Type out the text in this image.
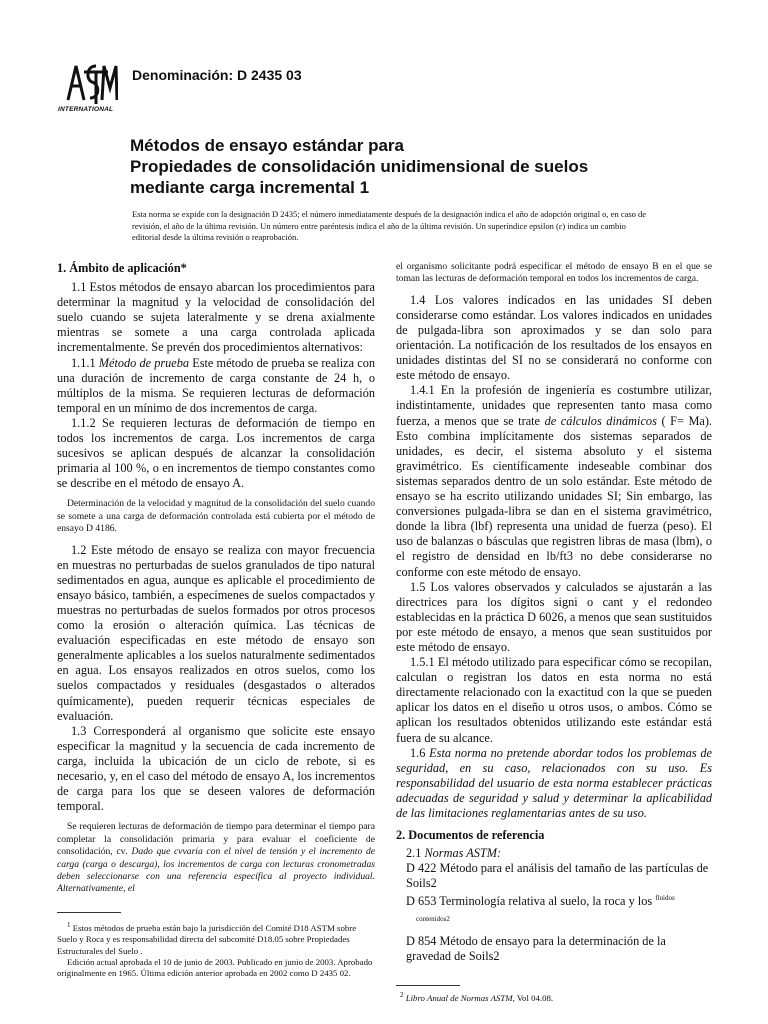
INTERNATIONAL
Denominación: D 2435 03
Métodos de ensayo estándar para
Propiedades de consolidación unidimensional de suelos
mediante carga incremental 1
Esta norma se expide con la designación D 2435; el número inmediatamente después de la designación indica el año de adopción original o, en caso de revisión, el año de la última revisión. Un número entre paréntesis indica el año de la última revisión. Un superíndice epsilon (ε) indica un cambio editorial desde la última revisión o reaprobación.

1. Ámbito de aplicación*

1.1 Estos métodos de ensayo abarcan los procedimientos para determinar la magnitud y la velocidad de consolidación del suelo cuando se sujeta lateralmente y se drena axialmente mientras se somete a una carga controlada aplicada incrementalmente. Se prevén dos procedimientos alternativos:

1.1.1 Método de prueba Este método de prueba se realiza con una duración de incremento de carga constante de 24 h, o múltiplos de la misma. Se requieren lecturas de deformación temporal en un mínimo de dos incrementos de carga.

1.1.2 Se requieren lecturas de deformación de tiempo en todos los incrementos de carga. Los incrementos de carga sucesivos se aplican después de alcanzar la consolidación primaria al 100 %, o en incrementos de tiempo constantes como se describe en el método de ensayo A.

Determinación de la velocidad y magnitud de la consolidación del suelo cuando se somete a una carga de deformación controlada está cubierta por el método de ensayo D 4186.

1.2 Este método de ensayo se realiza con mayor frecuencia en muestras no perturbadas de suelos granulados de tipo natural sedimentados en agua, aunque es aplicable el procedimiento de ensayo básico, también, a especímenes de suelos compactados y muestras no perturbadas de suelos formados por otros procesos como la erosión o alteración química. Las técnicas de evaluación especificadas en este método de ensayo son generalmente aplicables a los suelos naturalmente sedimentados en agua. Los ensayos realizados en otros suelos, como los suelos compactados y residuales (desgastados o alterados químicamente), pueden requerir técnicas especiales de evaluación.

1.3 Corresponderá al organismo que solicite este ensayo especificar la magnitud y la secuencia de cada incremento de carga, incluida la ubicación de un ciclo de rebote, si es necesario, y, en el caso del método de ensayo A, los incrementos de carga para los que se deseen valores de deformación temporal.

Se requieren lecturas de deformación de tiempo para determinar el tiempo para completar la consolidación primaria y para evaluar el coeficiente de consolidación, cv. Dado que cvvaría con el nivel de tensión y el incremento de carga (carga o descarga), los incrementos de carga con lecturas cronometradas deben seleccionarse con una referencia específica al proyecto individual. Alternativamente, el

$^1$ Estos métodos de prueba están bajo la jurisdicción del Comité D18 ASTM sobre Suelo y Roca y es responsabilidad directa del subcomité D18.05 sobre Propiedades Estructurales del Suelo .
Edición actual aprobada el 10 de junio de 2003. Publicado en junio de 2003. Aprobado originalmente en 1965. Última edición anterior aprobada en 2002 como D 2435 02.

el organismo solicitante podrá especificar el método de ensayo B en el que se toman las lecturas de deformación temporal en todos los incrementos de carga.

1.4 Los valores indicados en las unidades SI deben considerarse como estándar. Los valores indicados en unidades de pulgada-libra son aproximados y se dan solo para orientación. La notificación de los resultados de los ensayos en unidades distintas del SI no se considerará no conforme con este método de ensayo.

1.4.1 En la profesión de ingeniería es costumbre utilizar, indistintamente, unidades que representen tanto masa como fuerza, a menos que se trate de cálculos dinámicos ( F= Ma). Esto combina implícitamente dos sistemas separados de unidades, es decir, el sistema absoluto y el sistema gravimétrico. Es científicamente indeseable combinar dos sistemas separados dentro de un solo estándar. Este método de ensayo se ha escrito utilizando unidades SI; Sin embargo, las conversiones pulgada-libra se dan en el sistema gravimétrico, donde la libra (lbf) representa una unidad de fuerza (peso). El uso de balanzas o básculas que registren libras de masa (lbm), o el registro de densidad en lb/ft3 no debe considerarse no conforme con este método de ensayo.

1.5 Los valores observados y calculados se ajustarán a las directrices para los dígitos signi o cant y el redondeo establecidas en la práctica D 6026, a menos que sean sustituidos por este método de ensayo, a menos que sean sustituidos por este método de ensayo.

1.5.1 El método utilizado para especificar cómo se recopilan, calculan o registran los datos en esta norma no está directamente relacionado con la exactitud con la que se pueden aplicar los datos en el diseño u otros usos, o ambos. Cómo se aplican los resultados obtenidos utilizando este estándar está fuera de su alcance.

1.6 Esta norma no pretende abordar todos los problemas de seguridad, en su caso, relacionados con su uso. Es responsabilidad del usuario de esta norma establecer prácticas adecuadas de seguridad y salud y determinar la aplicabilidad de las limitaciones reglamentarias antes de su uso.

2. Documentos de referencia

2.1 Normas ASTM:

D 422 Método para el análisis del tamaño de las partículas de Soils2

D 653 Terminología relativa al suelo, la roca y los $^{fluidos}$
contenidos2

D 854 Método de ensayo para la determinación de la gravedad de Soils2

$^2$ Libro Anual de Normas ASTM, Vol 04.08.
